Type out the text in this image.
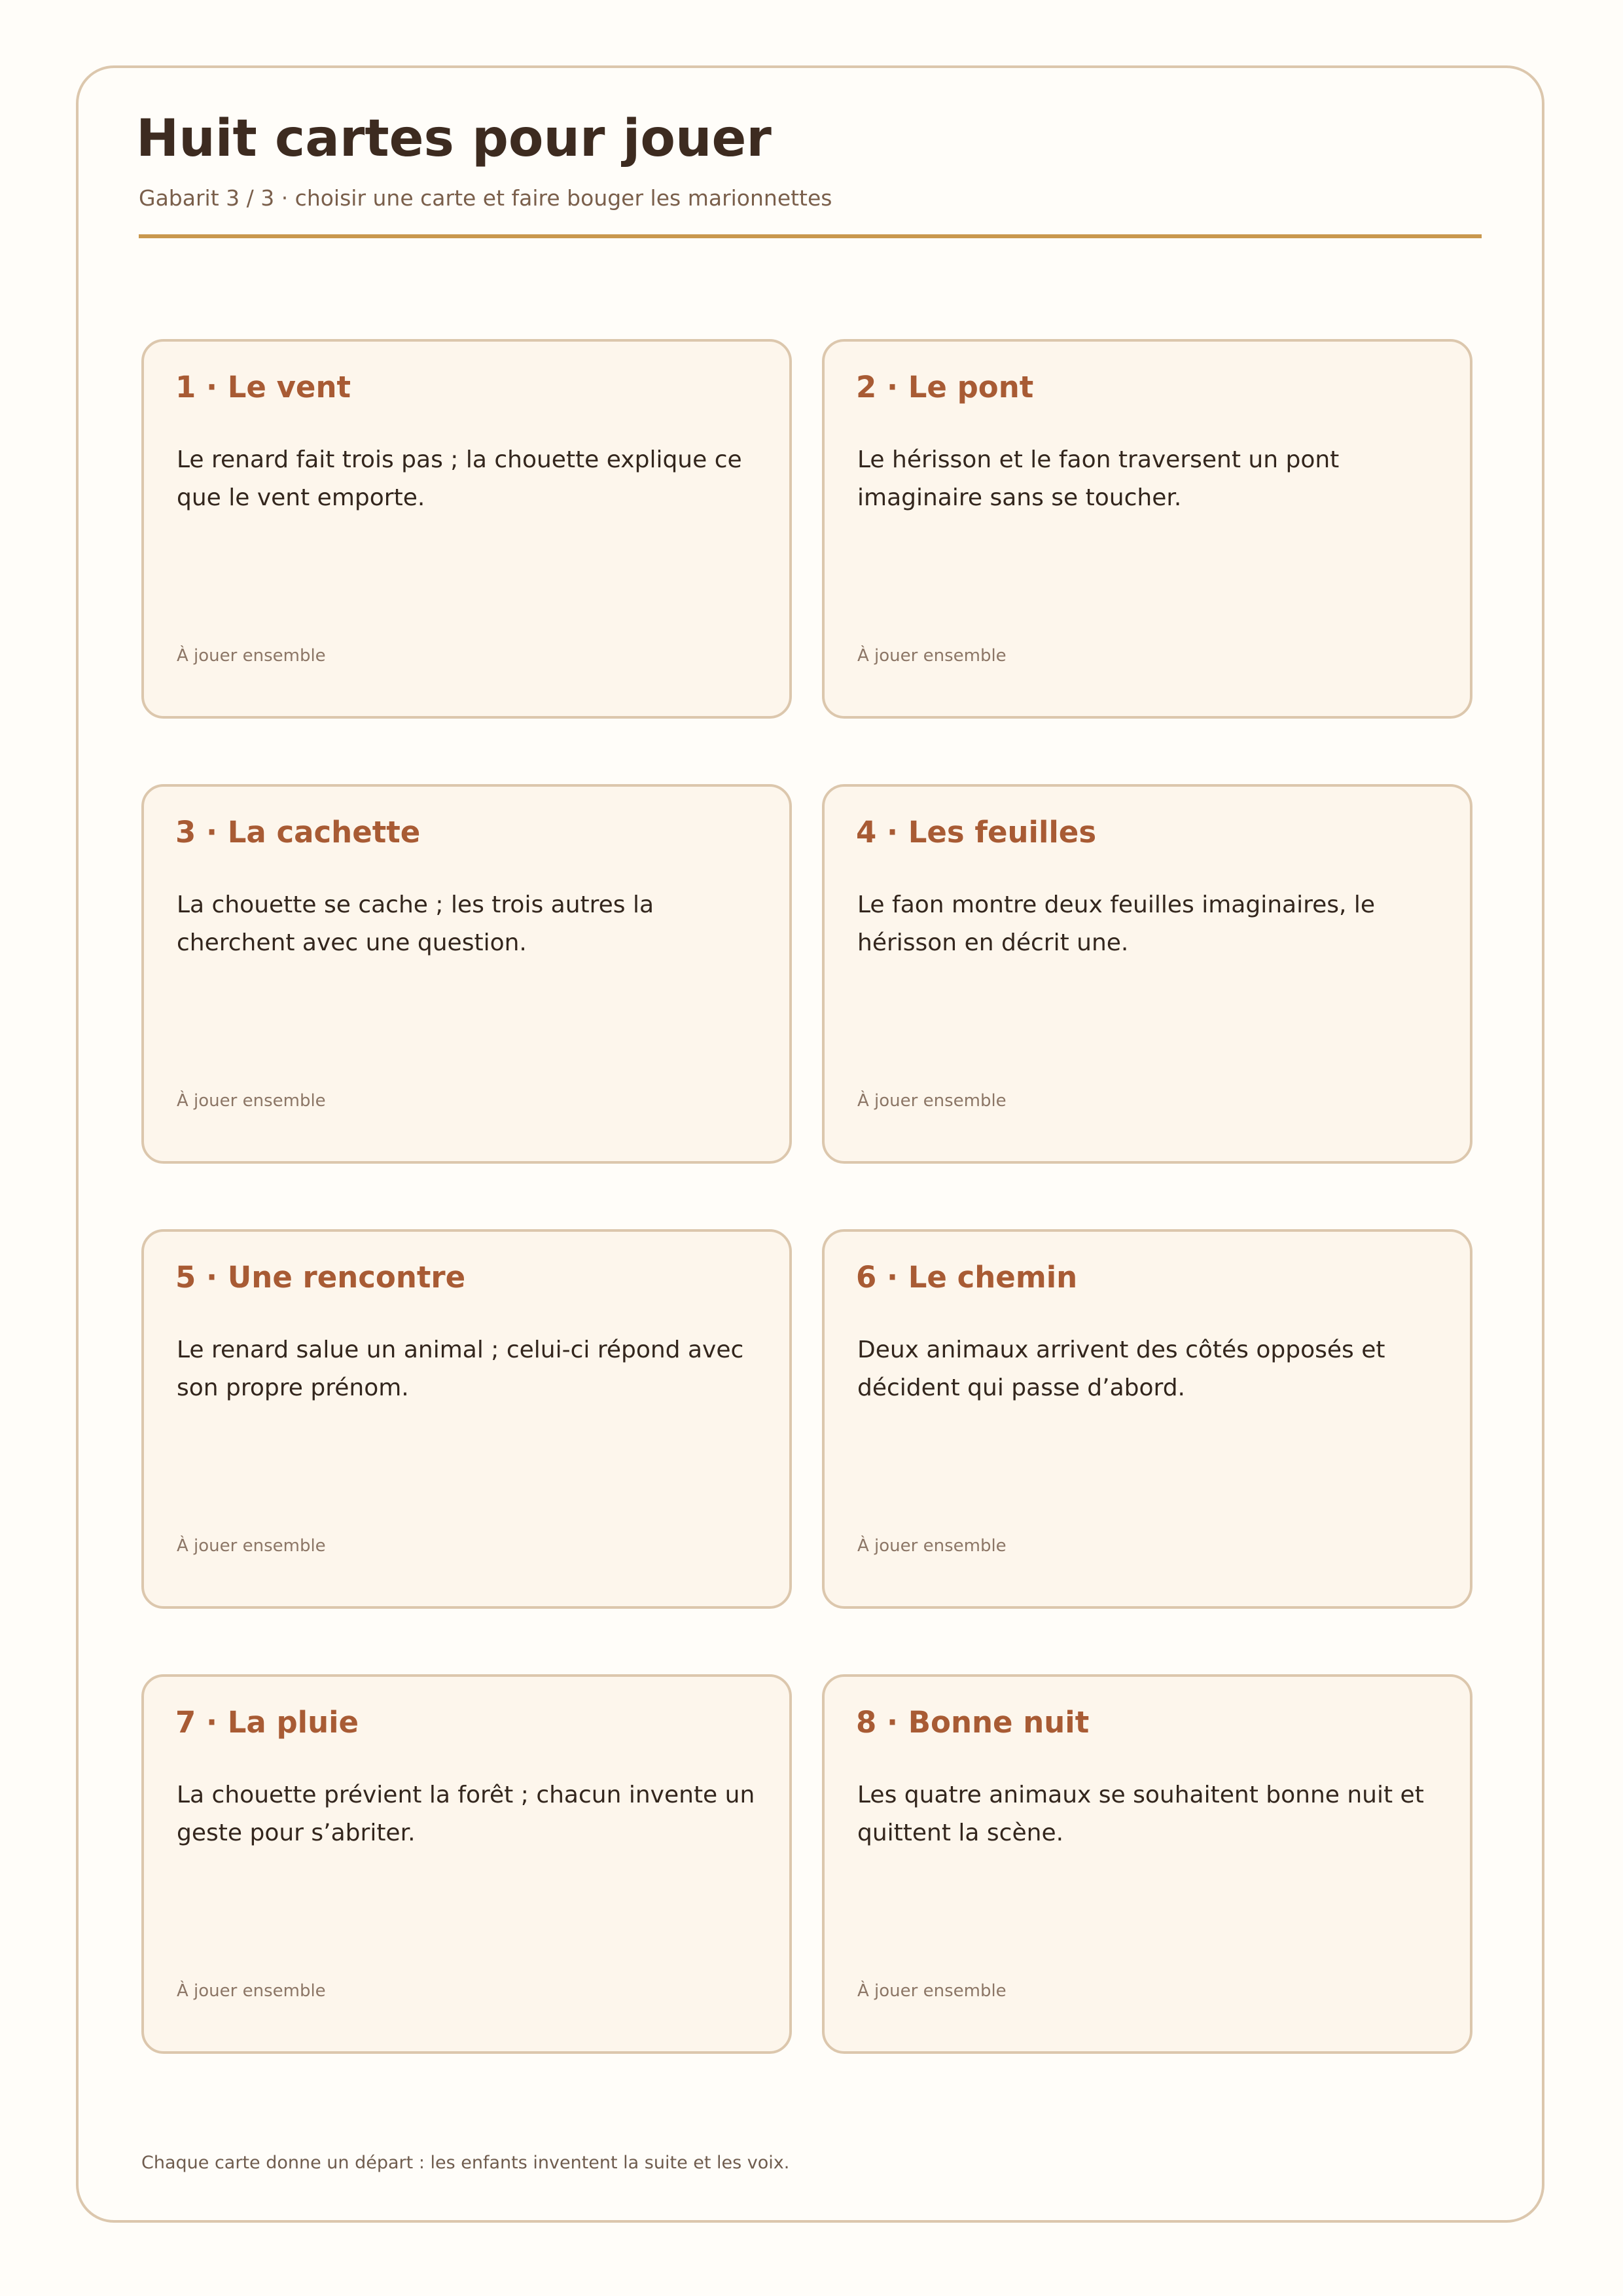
Huit cartes pour jouer

Gabarit 3 / 3 · choisir une carte et faire bouger les marionnettes

1 · Le vent

Le renard fait trois pas ; la chouette explique ce que le vent emporte.

À jouer ensemble

2 · Le pont

Le hérisson et le faon traversent un pont imaginaire sans se toucher.

À jouer ensemble

3 · La cachette

La chouette se cache ; les trois autres la cherchent avec une question.

À jouer ensemble

4 · Les feuilles

Le faon montre deux feuilles imaginaires, le hérisson en décrit une.

À jouer ensemble

5 · Une rencontre

Le renard salue un animal ; celui-ci répond avec son propre prénom.

À jouer ensemble

6 · Le chemin

Deux animaux arrivent des côtés opposés et décident qui passe d’abord.

À jouer ensemble

7 · La pluie

La chouette prévient la forêt ; chacun invente un geste pour s’abriter.

À jouer ensemble

8 · Bonne nuit

Les quatre animaux se souhaitent bonne nuit et quittent la scène.

À jouer ensemble

Chaque carte donne un départ : les enfants inventent la suite et les voix.
